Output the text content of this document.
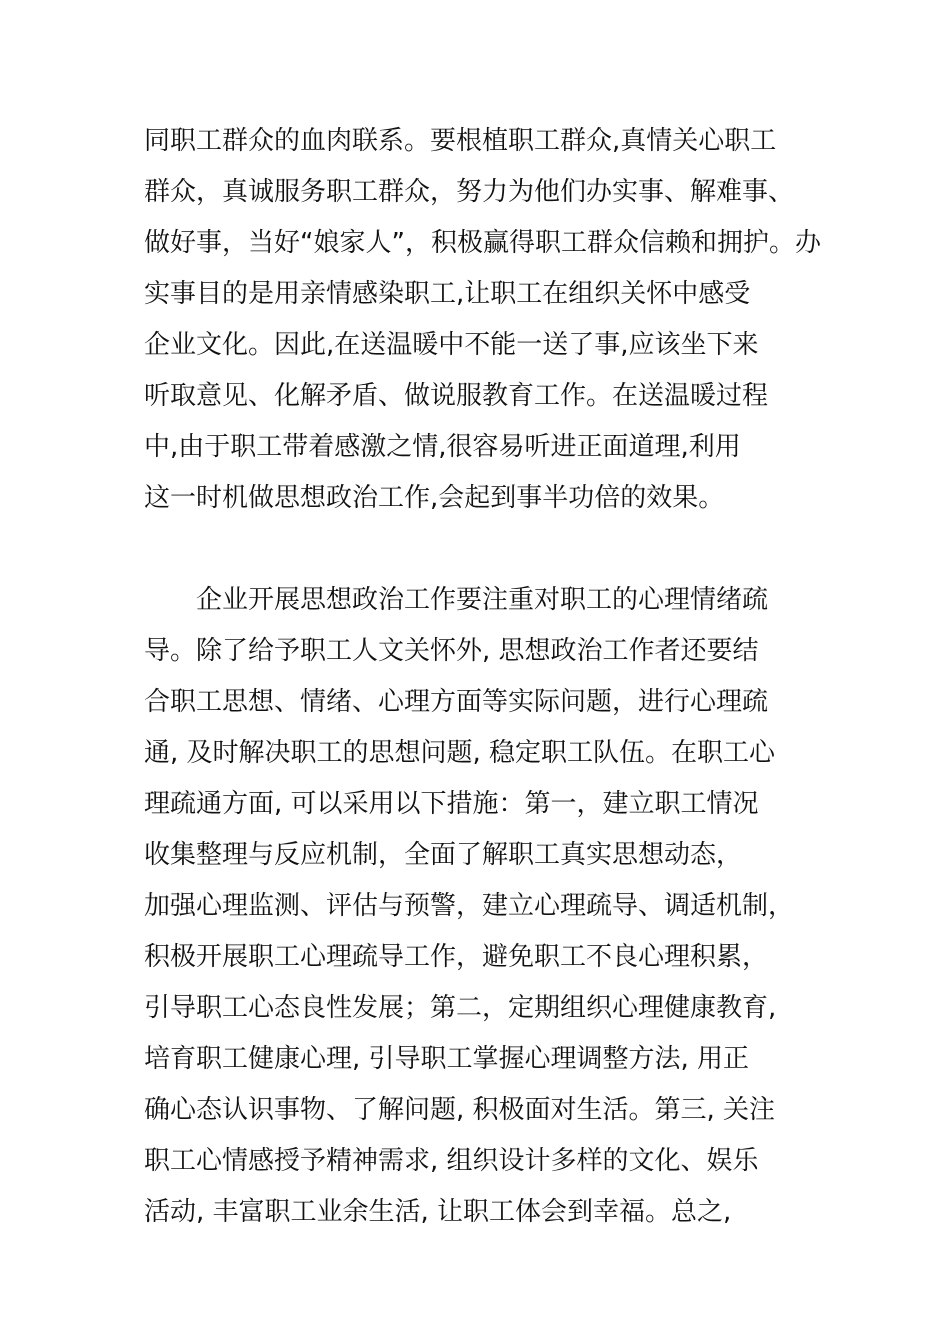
同职工群众的血肉联系。要根植职工群众,真情关心职工
群众，真诚服务职工群众，努力为他们办实事、解难事、
做好事，当好“娘家人”，积极赢得职工群众信赖和拥护。办
实事目的是用亲情感染职工,让职工在组织关怀中感受
企业文化。因此,在送温暖中不能一送了事,应该坐下来
听取意见、化解矛盾、做说服教育工作。在送温暖过程
中,由于职工带着感激之情,很容易听进正面道理,利用
这一时机做思想政治工作,会起到事半功倍的效果。
企业开展思想政治工作要注重对职工的心理情绪疏
导。除了给予职工人文关怀外, 思想政治工作者还要结
合职工思想、情绪、心理方面等实际问题，进行心理疏
通, 及时解决职工的思想问题, 稳定职工队伍。在职工心
理疏通方面, 可以采用以下措施：第一，建立职工情况
收集整理与反应机制，全面了解职工真实思想动态，
加强心理监测、评估与预警，建立心理疏导、调适机制，
积极开展职工心理疏导工作，避免职工不良心理积累，
引导职工心态良性发展；第二，定期组织心理健康教育,
培育职工健康心理, 引导职工掌握心理调整方法, 用正
确心态认识事物、了解问题, 积极面对生活。第三, 关注
职工心情感授予精神需求, 组织设计多样的文化、娱乐
活动, 丰富职工业余生活, 让职工体会到幸福。总之,
